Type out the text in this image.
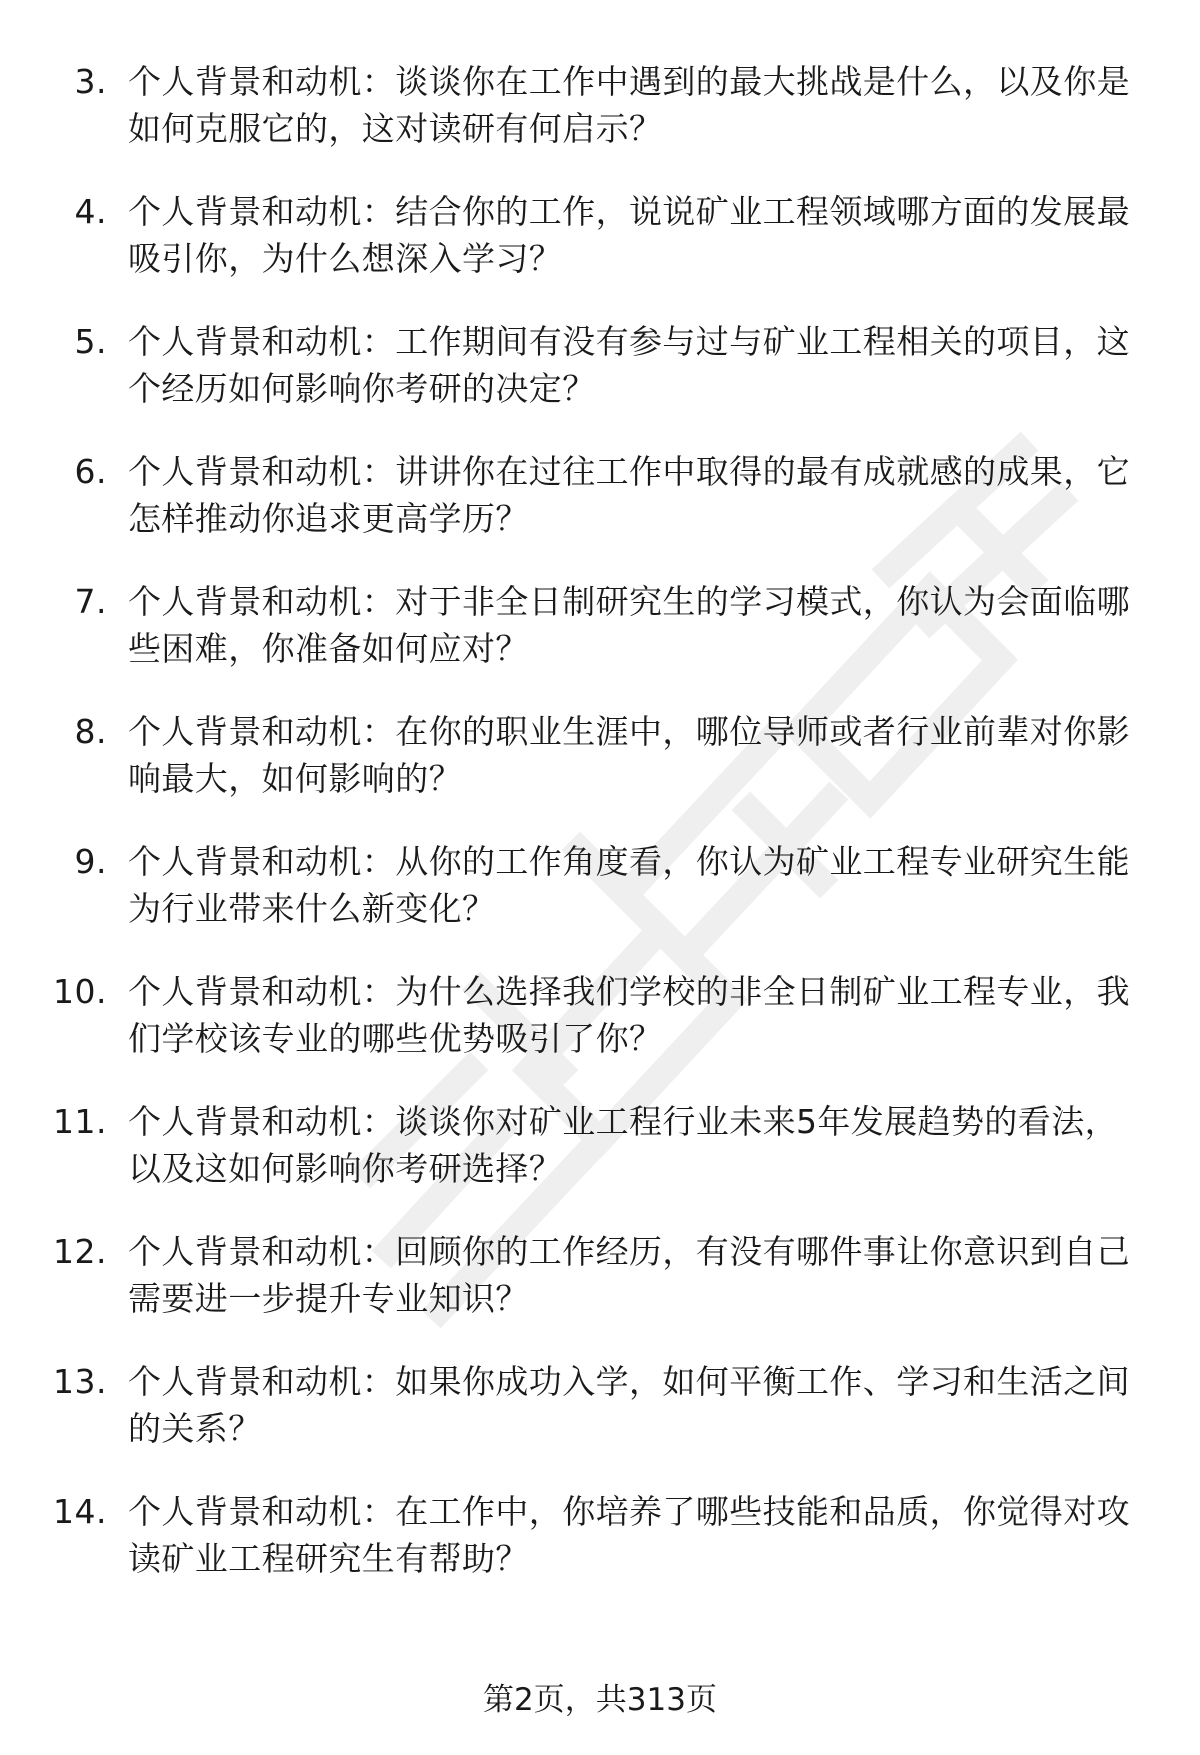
3. 个人背景和动机：谈谈你在工作中遇到的最大挑战是什么，以及你是如何克服它的，这对读研有何启示？
4. 个人背景和动机：结合你的工作，说说矿业工程领域哪方面的发展最吸引你，为什么想深入学习？
5. 个人背景和动机：工作期间有没有参与过与矿业工程相关的项目，这个经历如何影响你考研的决定？
6. 个人背景和动机：讲讲你在过往工作中取得的最有成就感的成果，它怎样推动你追求更高学历？
7. 个人背景和动机：对于非全日制研究生的学习模式，你认为会面临哪些困难，你准备如何应对？
8. 个人背景和动机：在你的职业生涯中，哪位导师或者行业前辈对你影响最大，如何影响的？
9. 个人背景和动机：从你的工作角度看，你认为矿业工程专业研究生能为行业带来什么新变化？
10. 个人背景和动机：为什么选择我们学校的非全日制矿业工程专业，我们学校该专业的哪些优势吸引了你？
11. 个人背景和动机：谈谈你对矿业工程行业未来5年发展趋势的看法，以及这如何影响你考研选择？
12. 个人背景和动机：回顾你的工作经历，有没有哪件事让你意识到自己需要进一步提升专业知识？
13. 个人背景和动机：如果你成功入学，如何平衡工作、学习和生活之间的关系？
14. 个人背景和动机：在工作中，你培养了哪些技能和品质，你觉得对攻读矿业工程研究生有帮助？
第2页，共313页
